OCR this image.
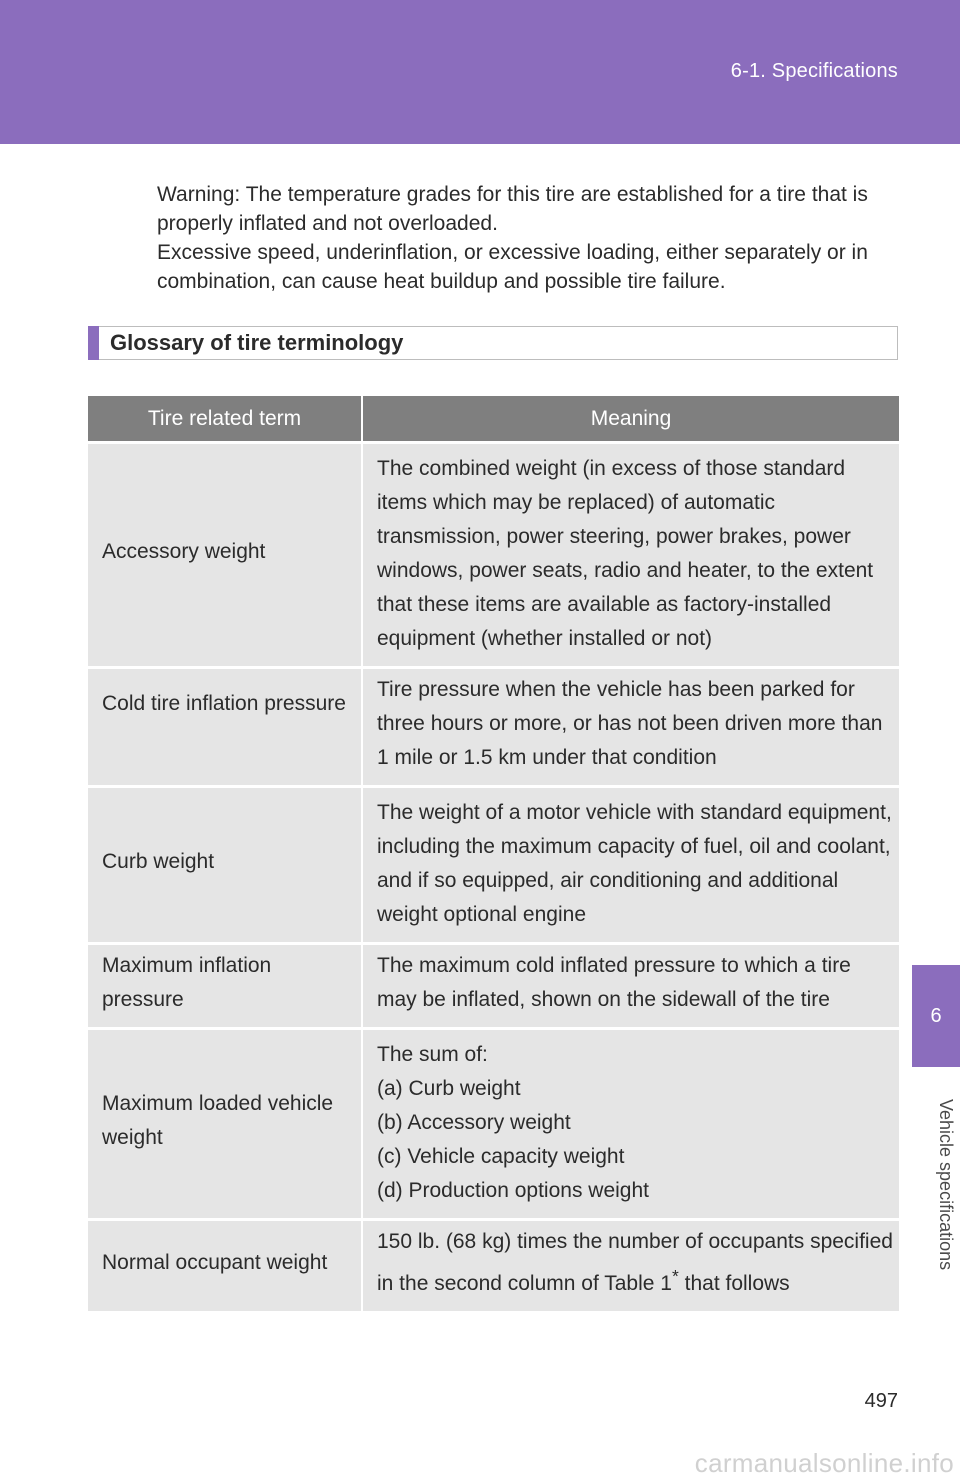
6-1. Specifications
6
Vehicle specifications

Warning: The temperature grades for this tire are established for a tire that is properly inflated and not overloaded.

Excessive speed, underinflation, or excessive loading, either separately or in combination, can cause heat buildup and possible tire failure.

Glossary of tire terminology
Tire related term	Meaning
Accessory weight	The combined weight (in excess of those standard items which may be replaced) of automatic transmission, power steering, power brakes, power windows, power seats, radio and heater, to the extent that these items are available as factory-installed equipment (whether installed or not)
Cold tire inflation pressure	Tire pressure when the vehicle has been parked for three hours or more, or has not been driven more than 1 mile or 1.5 km under that condition
Curb weight	The weight of a motor vehicle with standard equipment, including the maximum capacity of fuel, oil and coolant, and if so equipped, air conditioning and additional weight optional engine
Maximum inflation pressure	The maximum cold inflated pressure to which a tire may be inflated, shown on the sidewall of the tire
Maximum loaded vehicle weight	The sum of:
(a) Curb weight
(b) Accessory weight
(c) Vehicle capacity weight
(d) Production options weight

Normal occupant weight	150 lb. (68 kg) times the number of occupants specified in the second column of Table 1* that follows
497
carmanualsonline.info
